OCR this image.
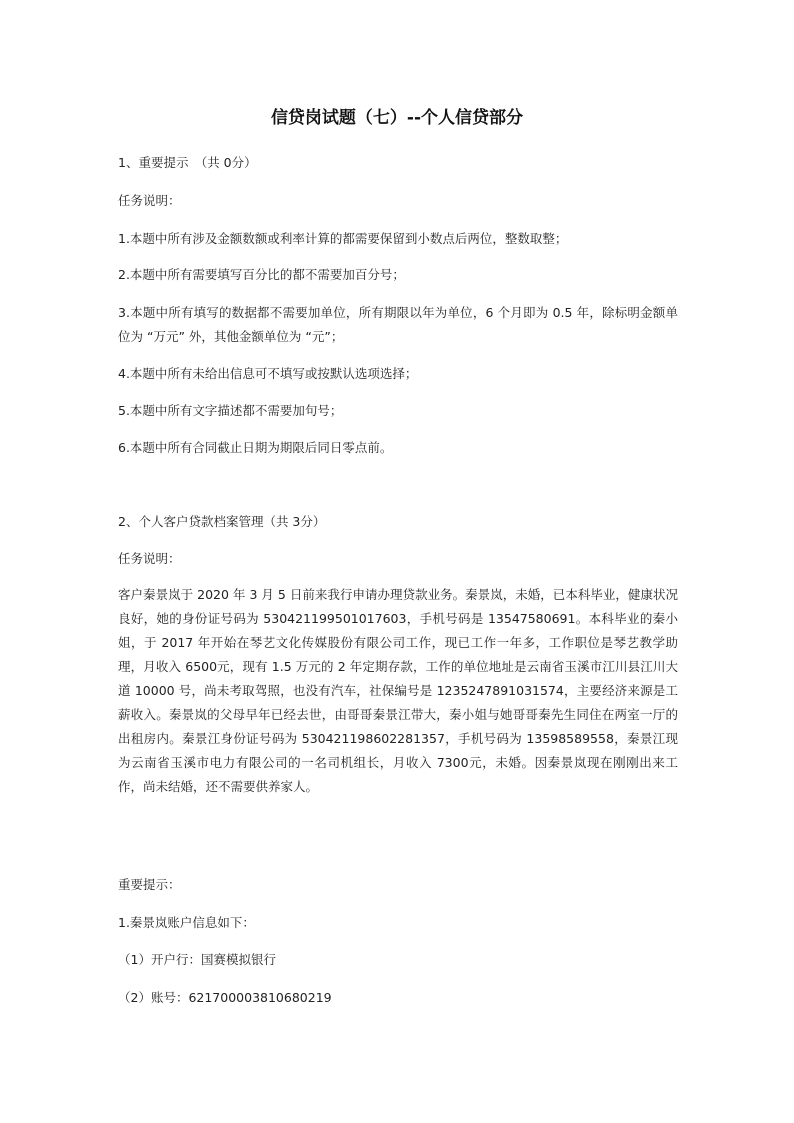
信贷岗试题（七）--个人信贷部分
1、重要提示　（共 0分）
任务说明：
1.本题中所有涉及金额数额或利率计算的都需要保留到小数点后两位，整数取整；
2.本题中所有需要填写百分比的都不需要加百分号；
3.本题中所有填写的数据都不需要加单位，所有期限以年为单位，6 个月即为 0.5 年，除标明金额单位为 “万元” 外，其他金额单位为 “元”；
4.本题中所有未给出信息可不填写或按默认选项选择；
5.本题中所有文字描述都不需要加句号；
6.本题中所有合同截止日期为期限后同日零点前。
2、个人客户贷款档案管理（共 3分）
任务说明：
客户秦景岚于 2020 年 3 月 5 日前来我行申请办理贷款业务。秦景岚，未婚，已本科毕业，健康状况良好，她的身份证号码为 530421199501017603，手机号码是 13547580691。本科毕业的秦小姐，于 2017 年开始在琴艺文化传媒股份有限公司工作，现已工作一年多，工作职位是琴艺教学助理，月收入 6500元，现有 1.5 万元的 2 年定期存款，工作的单位地址是云南省玉溪市江川县江川大道 10000 号，尚未考取驾照，也没有汽车，社保编号是 1235247891031574，主要经济来源是工薪收入。秦景岚的父母早年已经去世，由哥哥秦景江带大，秦小姐与她哥哥秦先生同住在两室一厅的出租房内。秦景江身份证号码为 530421198602281357，手机号码为 13598589558，秦景江现为云南省玉溪市电力有限公司的一名司机组长，月收入 7300元，未婚。因秦景岚现在刚刚出来工作，尚未结婚，还不需要供养家人。
重要提示：
1.秦景岚账户信息如下：
（1）开户行：国赛模拟银行
（2）账号：621700003810680219
